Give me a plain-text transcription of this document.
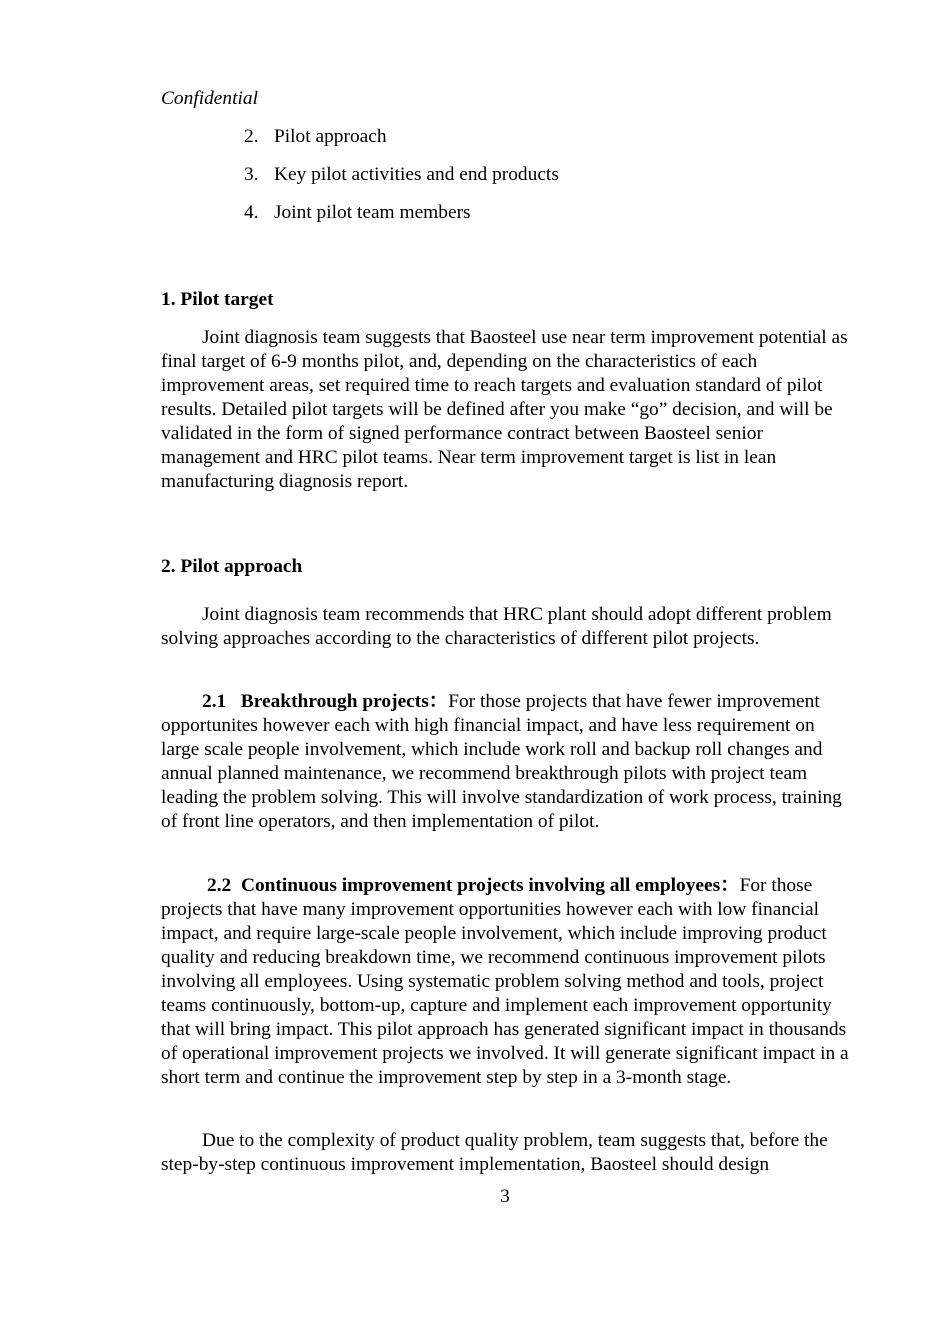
Confidential
2. Pilot approach
3. Key pilot activities and end products
4. Joint pilot team members
1. Pilot target

Joint diagnosis team suggests that Baosteel use near term improvement potential as final target of 6-9 months pilot, and, depending on the characteristics of each improvement areas, set required time to reach targets and evaluation standard of pilot results. Detailed pilot targets will be defined after you make “go” decision, and will be validated in the form of signed performance contract between Baosteel senior management and HRC pilot teams. Near term improvement target is list in lean manufacturing diagnosis report.

2. Pilot approach

Joint diagnosis team recommends that HRC plant should adopt different problem solving approaches according to the characteristics of different pilot projects.

2.1 Breakthrough projects：For those projects that have fewer improvement opportunites however each with high financial impact, and have less requirement on large scale people involvement, which include work roll and backup roll changes and annual planned maintenance, we recommend breakthrough pilots with project team leading the problem solving. This will involve standardization of work process, training of front line operators, and then implementation of pilot.

2.2 Continuous improvement projects involving all employees：For those projects that have many improvement opportunities however each with low financial impact, and require large-scale people involvement, which include improving product quality and reducing breakdown time, we recommend continuous improvement pilots involving all employees. Using systematic problem solving method and tools, project teams continuously, bottom-up, capture and implement each improvement opportunity that will bring impact. This pilot approach has generated significant impact in thousands of operational improvement projects we involved. It will generate significant impact in a short term and continue the improvement step by step in a 3-month stage.

Due to the complexity of product quality problem, team suggests that, before the step-by-step continuous improvement implementation, Baosteel should design

3
